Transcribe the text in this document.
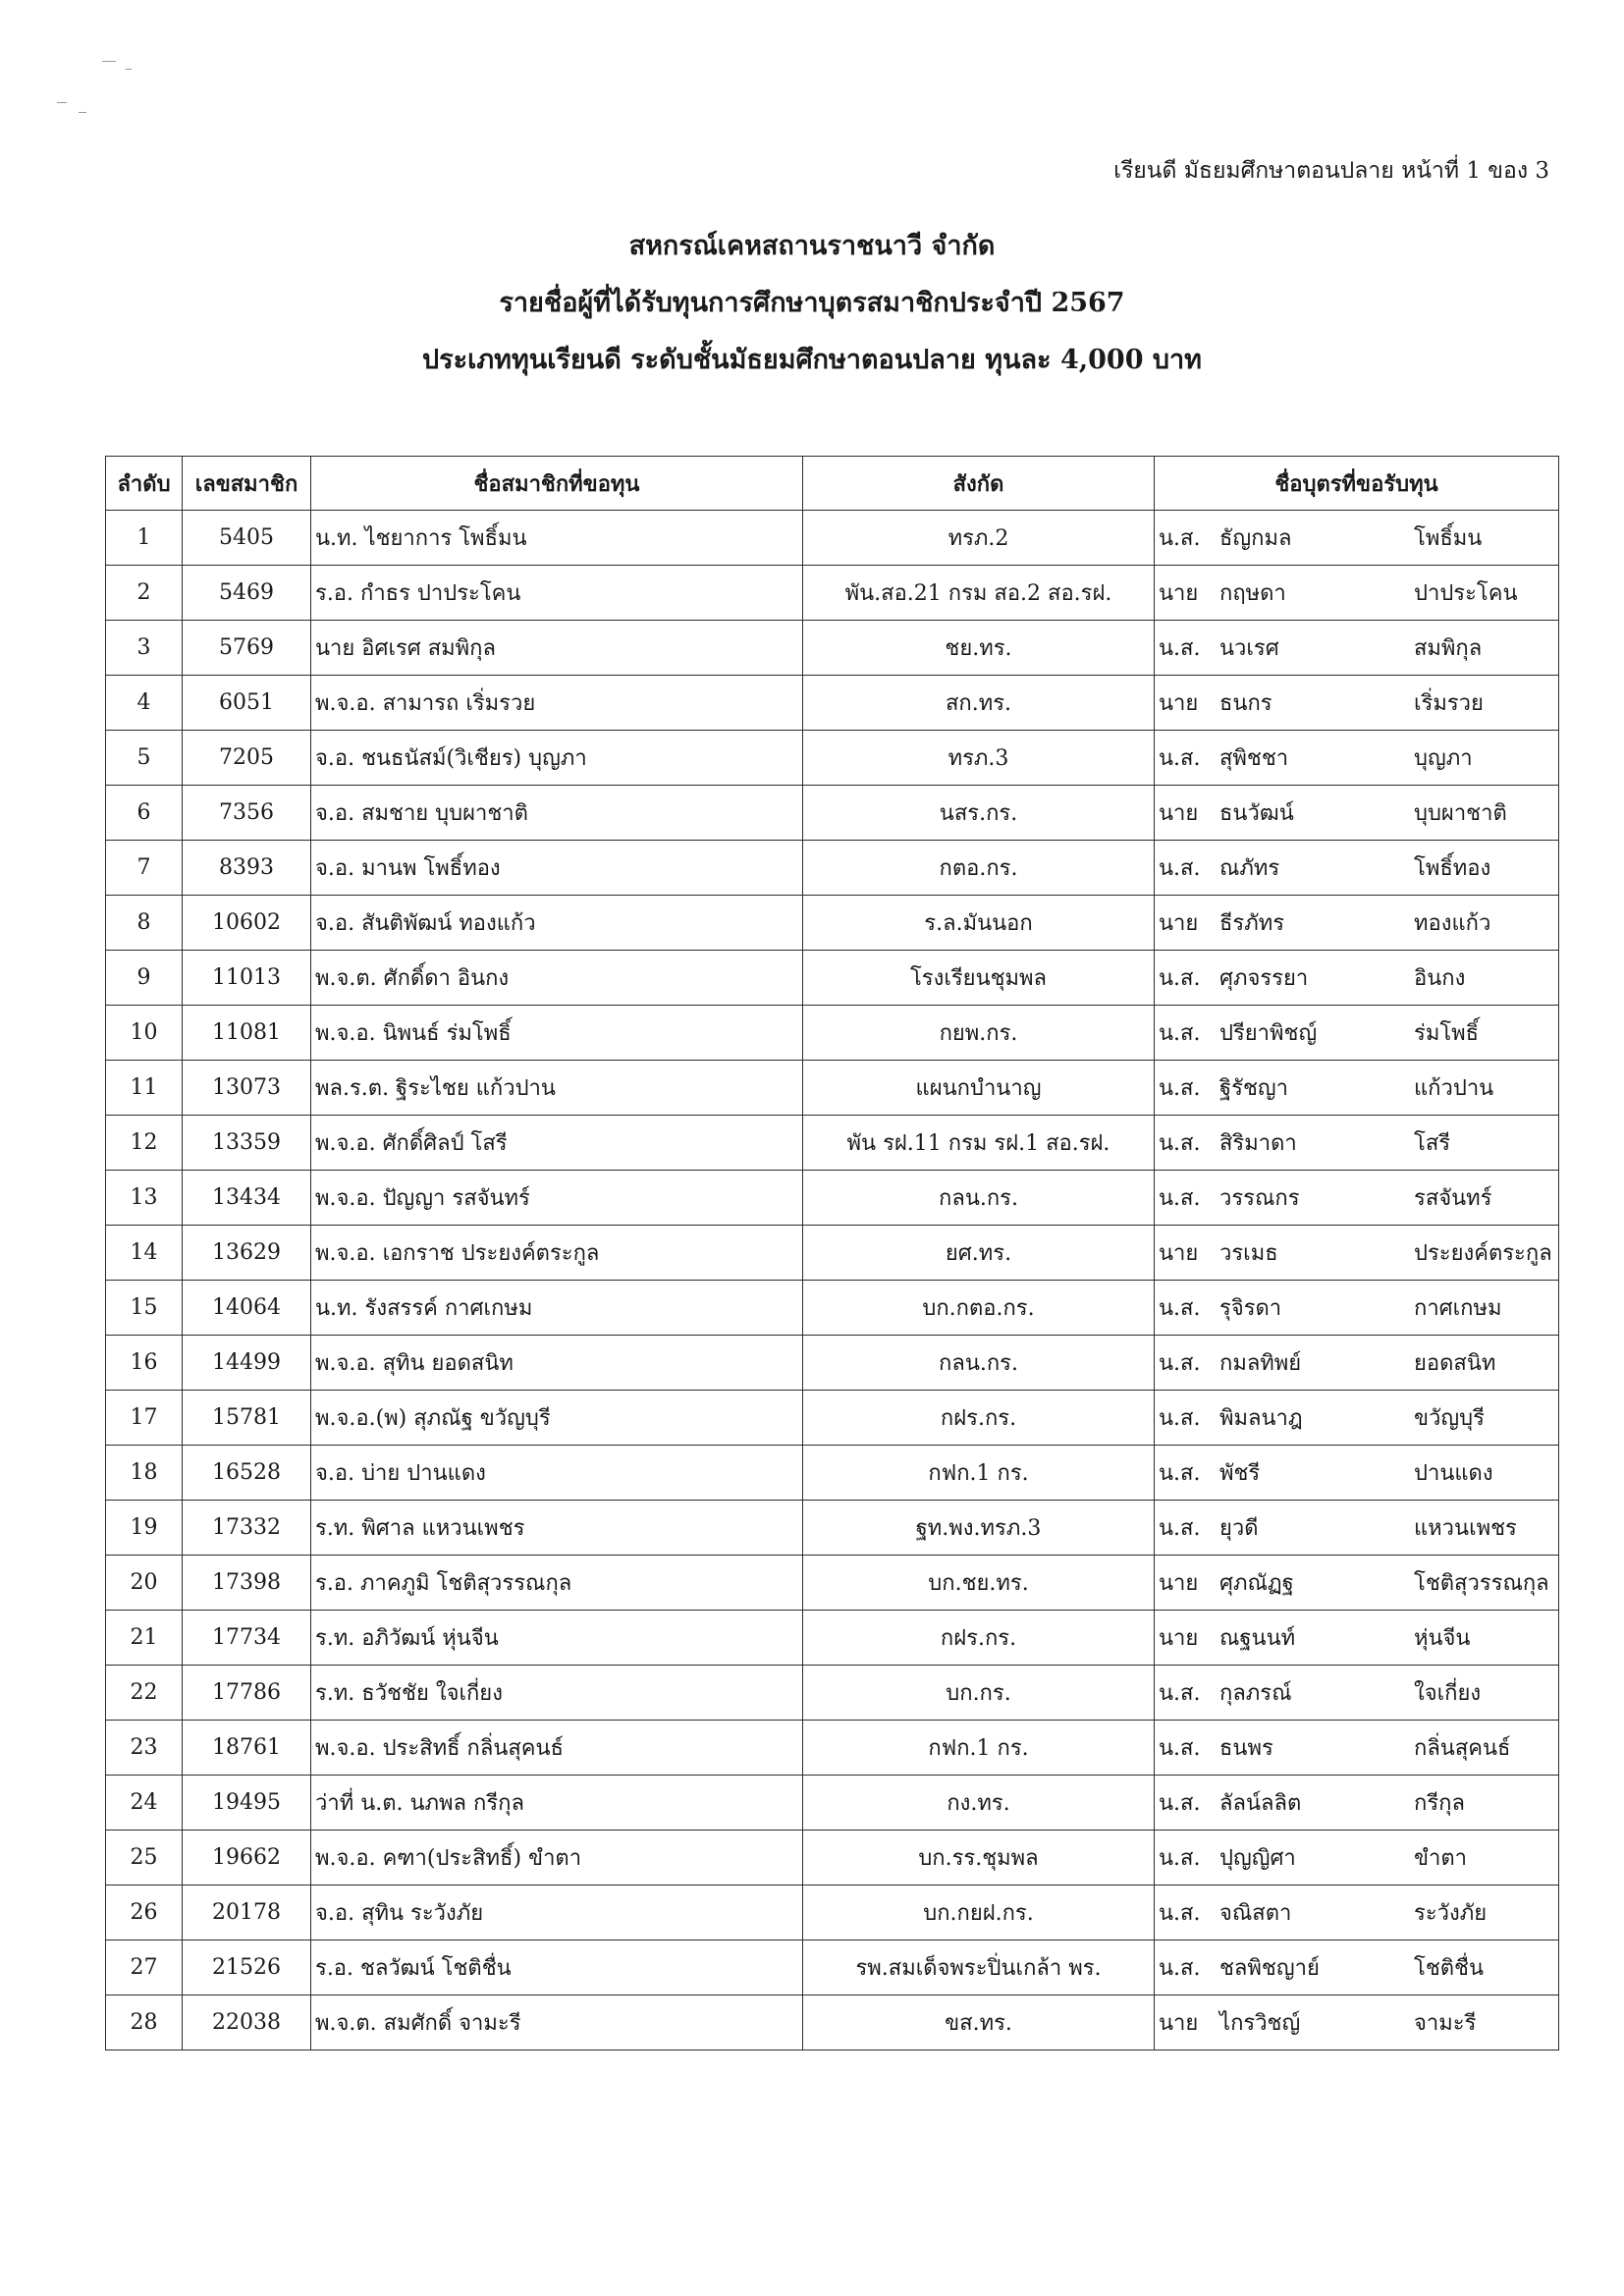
เรียนดี มัธยมศึกษาตอนปลาย หน้าที่ 1 ของ 3
สหกรณ์เคหสถานราชนาวี จำกัด
รายชื่อผู้ที่ได้รับทุนการศึกษาบุตรสมาชิกประจำปี 2567
ประเภททุนเรียนดี ระดับชั้นมัธยมศึกษาตอนปลาย ทุนละ 4,000 บาท
ลำดับ	เลขสมาชิก	ชื่อสมาชิกที่ขอทุน	สังกัด	ชื่อบุตรที่ขอรับทุน
1	5405	น.ท. ไชยาการ โพธิ์มน	ทรภ.2	น.ส. ธัญกมล โพธิ์มน
2	5469	ร.อ. กำธร ปาประโคน	พัน.สอ.21 กรม สอ.2 สอ.รฝ.	นาย กฤษดา ปาประโคน
3	5769	นาย อิศเรศ สมพิกุล	ชย.ทร.	น.ส. นวเรศ สมพิกุล
4	6051	พ.จ.อ. สามารถ เริ่มรวย	สก.ทร.	นาย ธนกร เริ่มรวย
5	7205	จ.อ. ชนธนัสม์(วิเชียร) บุญภา	ทรภ.3	น.ส. สุพิชชา บุญภา
6	7356	จ.อ. สมชาย บุบผาชาติ	นสร.กร.	นาย ธนวัฒน์ บุบผาชาติ
7	8393	จ.อ. มานพ โพธิ์ทอง	กตอ.กร.	น.ส. ณภัทร โพธิ์ทอง
8	10602	จ.อ. สันติพัฒน์ ทองแก้ว	ร.ล.มันนอก	นาย ธีรภัทร ทองแก้ว
9	11013	พ.จ.ต. ศักดิ์ดา อินกง	โรงเรียนชุมพล	น.ส. ศุภจรรยา อินกง
10	11081	พ.จ.อ. นิพนธ์ ร่มโพธิ์	กยพ.กร.	น.ส. ปรียาพิชญ์ ร่มโพธิ์
11	13073	พล.ร.ต. ฐิระไชย แก้วปาน	แผนกบำนาญ	น.ส. ฐิรัชญา แก้วปาน
12	13359	พ.จ.อ. ศักดิ์ศิลป์ โสรี	พัน รฝ.11 กรม รฝ.1 สอ.รฝ.	น.ส. สิริมาดา โสรี
13	13434	พ.จ.อ. ปัญญา รสจันทร์	กลน.กร.	น.ส. วรรณกร รสจันทร์
14	13629	พ.จ.อ. เอกราช ประยงค์ตระกูล	ยศ.ทร.	นาย วรเมธ ประยงค์ตระกูล
15	14064	น.ท. รังสรรค์ กาศเกษม	บก.กตอ.กร.	น.ส. รุจิรดา กาศเกษม
16	14499	พ.จ.อ. สุทิน ยอดสนิท	กลน.กร.	น.ส. กมลทิพย์ ยอดสนิท
17	15781	พ.จ.อ.(พ) สุภณัฐ ขวัญบุรี	กฝร.กร.	น.ส. พิมลนาฎ ขวัญบุรี
18	16528	จ.อ. บ่าย ปานแดง	กฟก.1 กร.	น.ส. พัชรี ปานแดง
19	17332	ร.ท. พิศาล แหวนเพชร	ฐท.พง.ทรภ.3	น.ส. ยุวดี แหวนเพชร
20	17398	ร.อ. ภาคภูมิ โชติสุวรรณกุล	บก.ชย.ทร.	นาย ศุภณัฏฐ โชติสุวรรณกุล
21	17734	ร.ท. อภิวัฒน์ หุ่นจีน	กฝร.กร.	นาย ณฐนนท์ หุ่นจีน
22	17786	ร.ท. ธวัชชัย ใจเกี่ยง	บก.กร.	น.ส. กุลภรณ์ ใจเกี่ยง
23	18761	พ.จ.อ. ประสิทธิ์ กลิ่นสุคนธ์	กฟก.1 กร.	น.ส. ธนพร กลิ่นสุคนธ์
24	19495	ว่าที่ น.ต. นภพล กรีกุล	กง.ทร.	น.ส. ลัลน์ลลิต กรีกุล
25	19662	พ.จ.อ. คฑา(ประสิทธิ์) ขำตา	บก.รร.ชุมพล	น.ส. ปุญญิศา ขำตา
26	20178	จ.อ. สุทิน ระวังภัย	บก.กยฝ.กร.	น.ส. จณิสตา ระวังภัย
27	21526	ร.อ. ชลวัฒน์ โชติชื่น	รพ.สมเด็จพระปิ่นเกล้า พร.	น.ส. ชลพิชญาย์ โชติชื่น
28	22038	พ.จ.ต. สมศักดิ์ จามะรี	ขส.ทร.	นาย ไกรวิชญ์ จามะรี
